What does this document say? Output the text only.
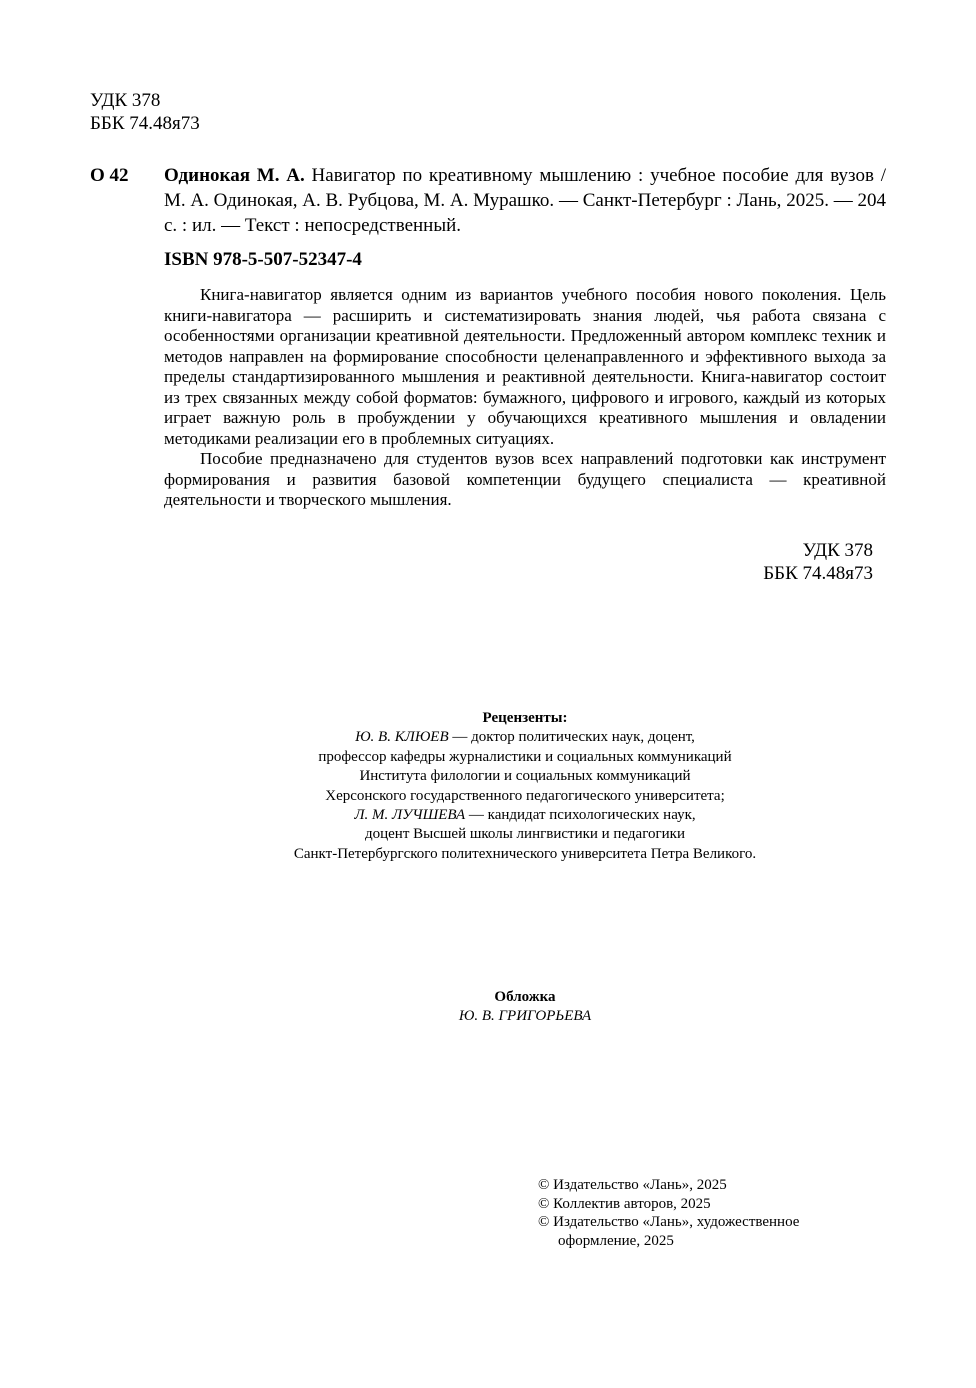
УДК 378
ББК 74.48я73
О 42 Одинокая М. А. Навигатор по креативному мышлению : учебное пособие для вузов / М. А. Одинокая, А. В. Рубцова, М. А. Мурашко. — Санкт-Петербург : Лань, 2025. — 204 с. : ил. — Текст : непосредственный.
ISBN 978-5-507-52347-4

Книга-навигатор является одним из вариантов учебного пособия нового поколения. Цель книги-навигатора — расширить и систематизировать знания людей, чья работа связана с особенностями организации креативной деятельности. Предложенный автором комплекс техник и методов направлен на формирование способности целенаправленного и эффективного выхода за пределы стандартизированного мышления и реактивной деятельности. Книга-навигатор состоит из трех связанных между собой форматов: бумажного, цифрового и игрового, каждый из которых играет важную роль в пробуждении у обучающихся креативного мышления и овладении методиками реализации его в проблемных ситуациях.

Пособие предназначено для студентов вузов всех направлений подготовки как инструмент формирования и развития базовой компетенции будущего специалиста — креативной деятельности и творческого мышления.

УДК 378
ББК 74.48я73
Рецензенты:
Ю. В. КЛЮЕВ — доктор политических наук, доцент,
профессор кафедры журналистики и социальных коммуникаций
Института филологии и социальных коммуникаций
Херсонского государственного педагогического университета;
Л. М. ЛУЧШЕВА — кандидат психологических наук,
доцент Высшей школы лингвистики и педагогики
Санкт-Петербургского политехнического университета Петра Великого.
Обложка
Ю. В. ГРИГОРЬЕВА
© Издательство «Лань», 2025
© Коллектив авторов, 2025
© Издательство «Лань», художественное
оформление, 2025
